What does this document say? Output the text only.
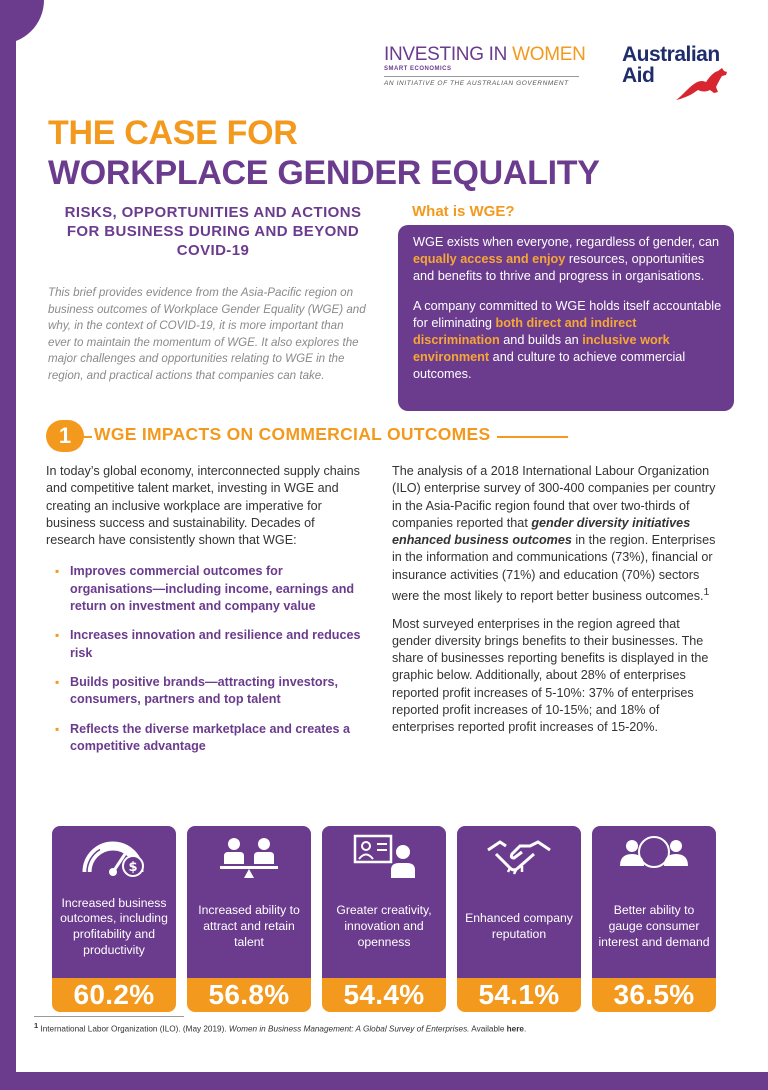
INVESTING IN WOMEN
SMART ECONOMICS
AN INITIATIVE OF THE AUSTRALIAN GOVERNMENT
Australian
Aid
THE CASE FOR
WORKPLACE GENDER EQUALITY
RISKS, OPPORTUNITIES AND ACTIONS FOR BUSINESS DURING AND BEYOND COVID-19
This brief provides evidence from the Asia-Pacific region on business outcomes of Workplace Gender Equality (WGE) and why, in the context of COVID-19, it is more important than ever to maintain the momentum of WGE. It also explores the major challenges and opportunities relating to WGE in the region, and practical actions that companies can take.
What is WGE?

WGE exists when everyone, regardless of gender, can equally access and enjoy resources, opportunities and benefits to thrive and progress in organisations.

A company committed to WGE holds itself accountable for eliminating both direct and indirect discrimination and builds an inclusive work environment and culture to achieve commercial outcomes.

1	WGE IMPACTS ON COMMERCIAL OUTCOMES

In today’s global economy, interconnected supply chains and competitive talent market, investing in WGE and creating an inclusive workplace are imperative for business success and sustainability. Decades of research have consistently shown that WGE:

▪ Improves commercial outcomes for organisations—including income, earnings and return on investment and company value
▪ Increases innovation and resilience and reduces risk
▪ Builds positive brands—attracting investors, consumers, partners and top talent
▪ Reflects the diverse marketplace and creates a competitive advantage

The analysis of a 2018 International Labour Organization (ILO) enterprise survey of 300-400 companies per country in the Asia-Pacific region found that over two-thirds of companies reported that gender diversity initiatives enhanced business outcomes in the region. Enterprises in the information and communications (73%), financial or insurance activities (71%) and education (70%) sectors were the most likely to report better business outcomes.$^1$

Most surveyed enterprises in the region agreed that gender diversity brings benefits to their businesses. The share of businesses reporting benefits is displayed in the graphic below. Additionally, about 28% of enterprises reported profit increases of 5-10%: 37% of enterprises reported profit increases of 10-15%; and 18% of enterprises reported profit increases of 15-20%.

$
Increased business outcomes, including profitability and productivity
60.2%
Increased ability to attract and retain talent
56.8%
Greater creativity, innovation and openness
54.4%
Enhanced company reputation
54.1%
Better ability to gauge consumer interest and demand
36.5%
$^1$ International Labor Organization (ILO). (May 2019). Women in Business Management: A Global Survey of Enterprises. Available here.
